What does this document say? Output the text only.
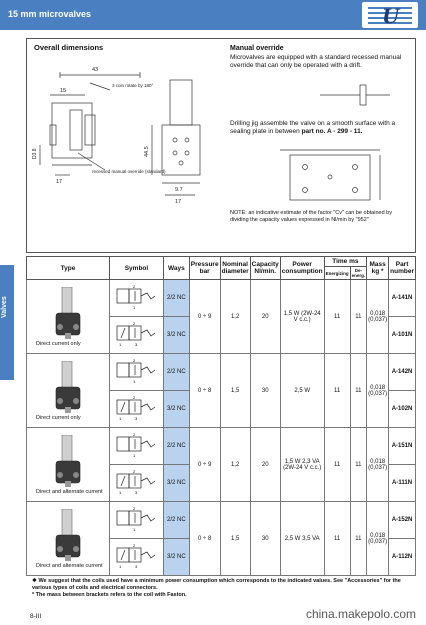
15 mm microvalves	U
Valves
Overall dimensions
43
15
D3.8
17
44.5
9.7
17
3 coin rotate by 180°
recessed manual override (standard)
Manual override
Microvalves are equipped with a standard recessed manual override that can only be operated with a drift.
Drilling jig assemble the valve on a smooth surface with a sealing plate in between part no. A - 299 - 11.
NOTE: an indicative estimate of the factor "Cv" can be obtained by dividing the capacity values expressed in Nl/min by "952"
Type	Symbol	Ways	Pressure bar	Nominal diameter	Capacity Nl/min.	Power consumption	Time ms		Mass kg *	Part number
							Energizing	De-energ.		

Direct current only	2
1	2/2 NC	0 ÷ 9	1,2	20	1,5 W (2W-24 V c.c.)	11	11	0,018 (0,037)	A-141N

2
1 3	3/2 NC								A-101N

Direct current only	2
1	2/2 NC	0 ÷ 8	1,5	30	2,5 W	11	11	0,018 (0,037)	A-142N

2
1 3	3/2 NC								A-102N

Direct and alternate current	2
1	2/2 NC	0 ÷ 9	1,2	20	1,5 W 2,3 VA (2W-24 V c.c.)	11	11	0,018 (0,037)	A-151N

2
1 3	3/2 NC								A-111N

Direct and alternate current	2
1	2/2 NC	0 ÷ 8	1,5	30	2,5 W 3,5 VA	11	11	0,018 (0,037)	A-152N

2
1 3	3/2 NC								A-112N
❖ We suggest that the coils used have a minimum power consumption which corresponds to the indicated values. See "Accessories" for the various types of coils and electrical connectors.
* The mass between brackets refers to the coil with Faston.
8-III	china.makepolo.com
